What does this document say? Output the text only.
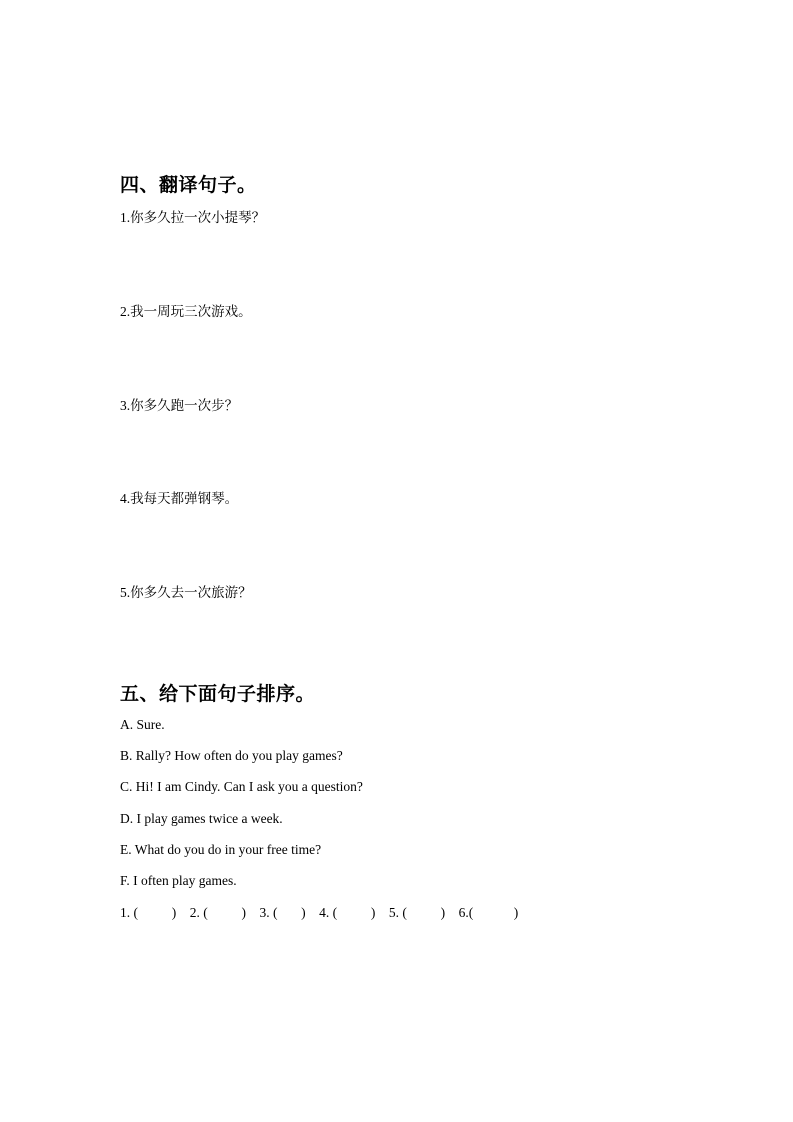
四、翻译句子。
1.你多久拉一次小提琴？
2.我一周玩三次游戏。
3.你多久跑一次步？
4.我每天都弹钢琴。
5.你多久去一次旅游？
五、给下面句子排序。
A. Sure.
B. Rally? How often do you play games?
C. Hi! I am Cindy. Can I ask you a question?
D. I play games twice a week.
E. What do you do in your free time?
F. I often play games.
1. (          )    2. (          )    3. (       )    4. (          )    5. (          )    6.(            )
